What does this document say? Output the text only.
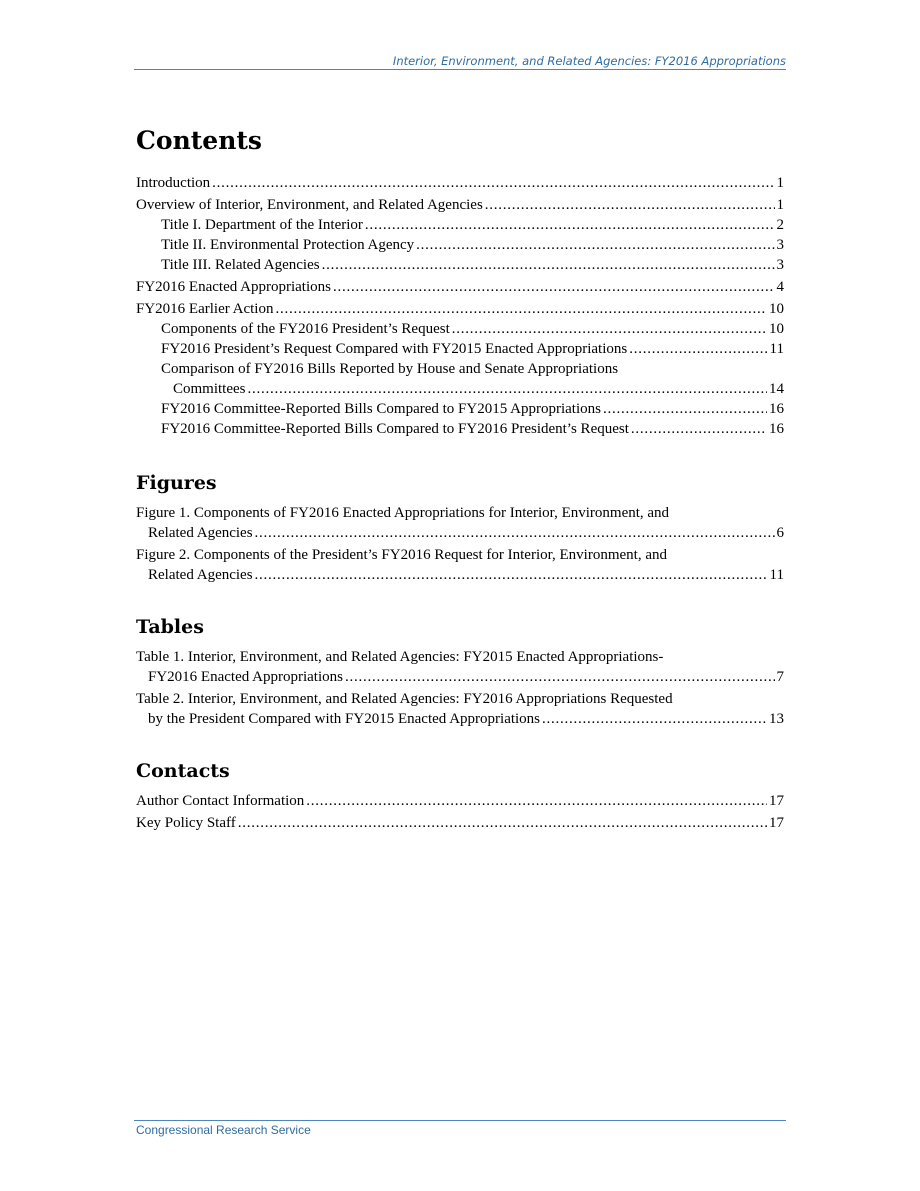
Interior, Environment, and Related Agencies: FY2016 Appropriations
Contents
Introduction . . .	1
Overview of Interior, Environment, and Related Agencies . . .	1
Title I. Department of the Interior . . .	2
Title II. Environmental Protection Agency . . .	3
Title III. Related Agencies . . .	3
FY2016 Enacted Appropriations . . .	4
FY2016 Earlier Action . . .	10
Components of the FY2016 President’s Request . . .	10
FY2016 President’s Request Compared with FY2015 Enacted Appropriations . . .	11
Comparison of FY2016 Bills Reported by House and Senate Appropriations
Committees . . .	14
FY2016 Committee-Reported Bills Compared to FY2015 Appropriations . . .	16
FY2016 Committee-Reported Bills Compared to FY2016 President’s Request . . .	16
Figures
Figure 1. Components of FY2016 Enacted Appropriations for Interior, Environment, and
Related Agencies . . .	6
Figure 2. Components of the President’s FY2016 Request for Interior, Environment, and
Related Agencies . . .	11
Tables
Table 1. Interior, Environment, and Related Agencies: FY2015 Enacted Appropriations-
FY2016 Enacted Appropriations . . .	7
Table 2. Interior, Environment, and Related Agencies: FY2016 Appropriations Requested
by the President Compared with FY2015 Enacted Appropriations . . .	13
Contacts
Author Contact Information . . .	17
Key Policy Staff . . .	17
Congressional Research Service
